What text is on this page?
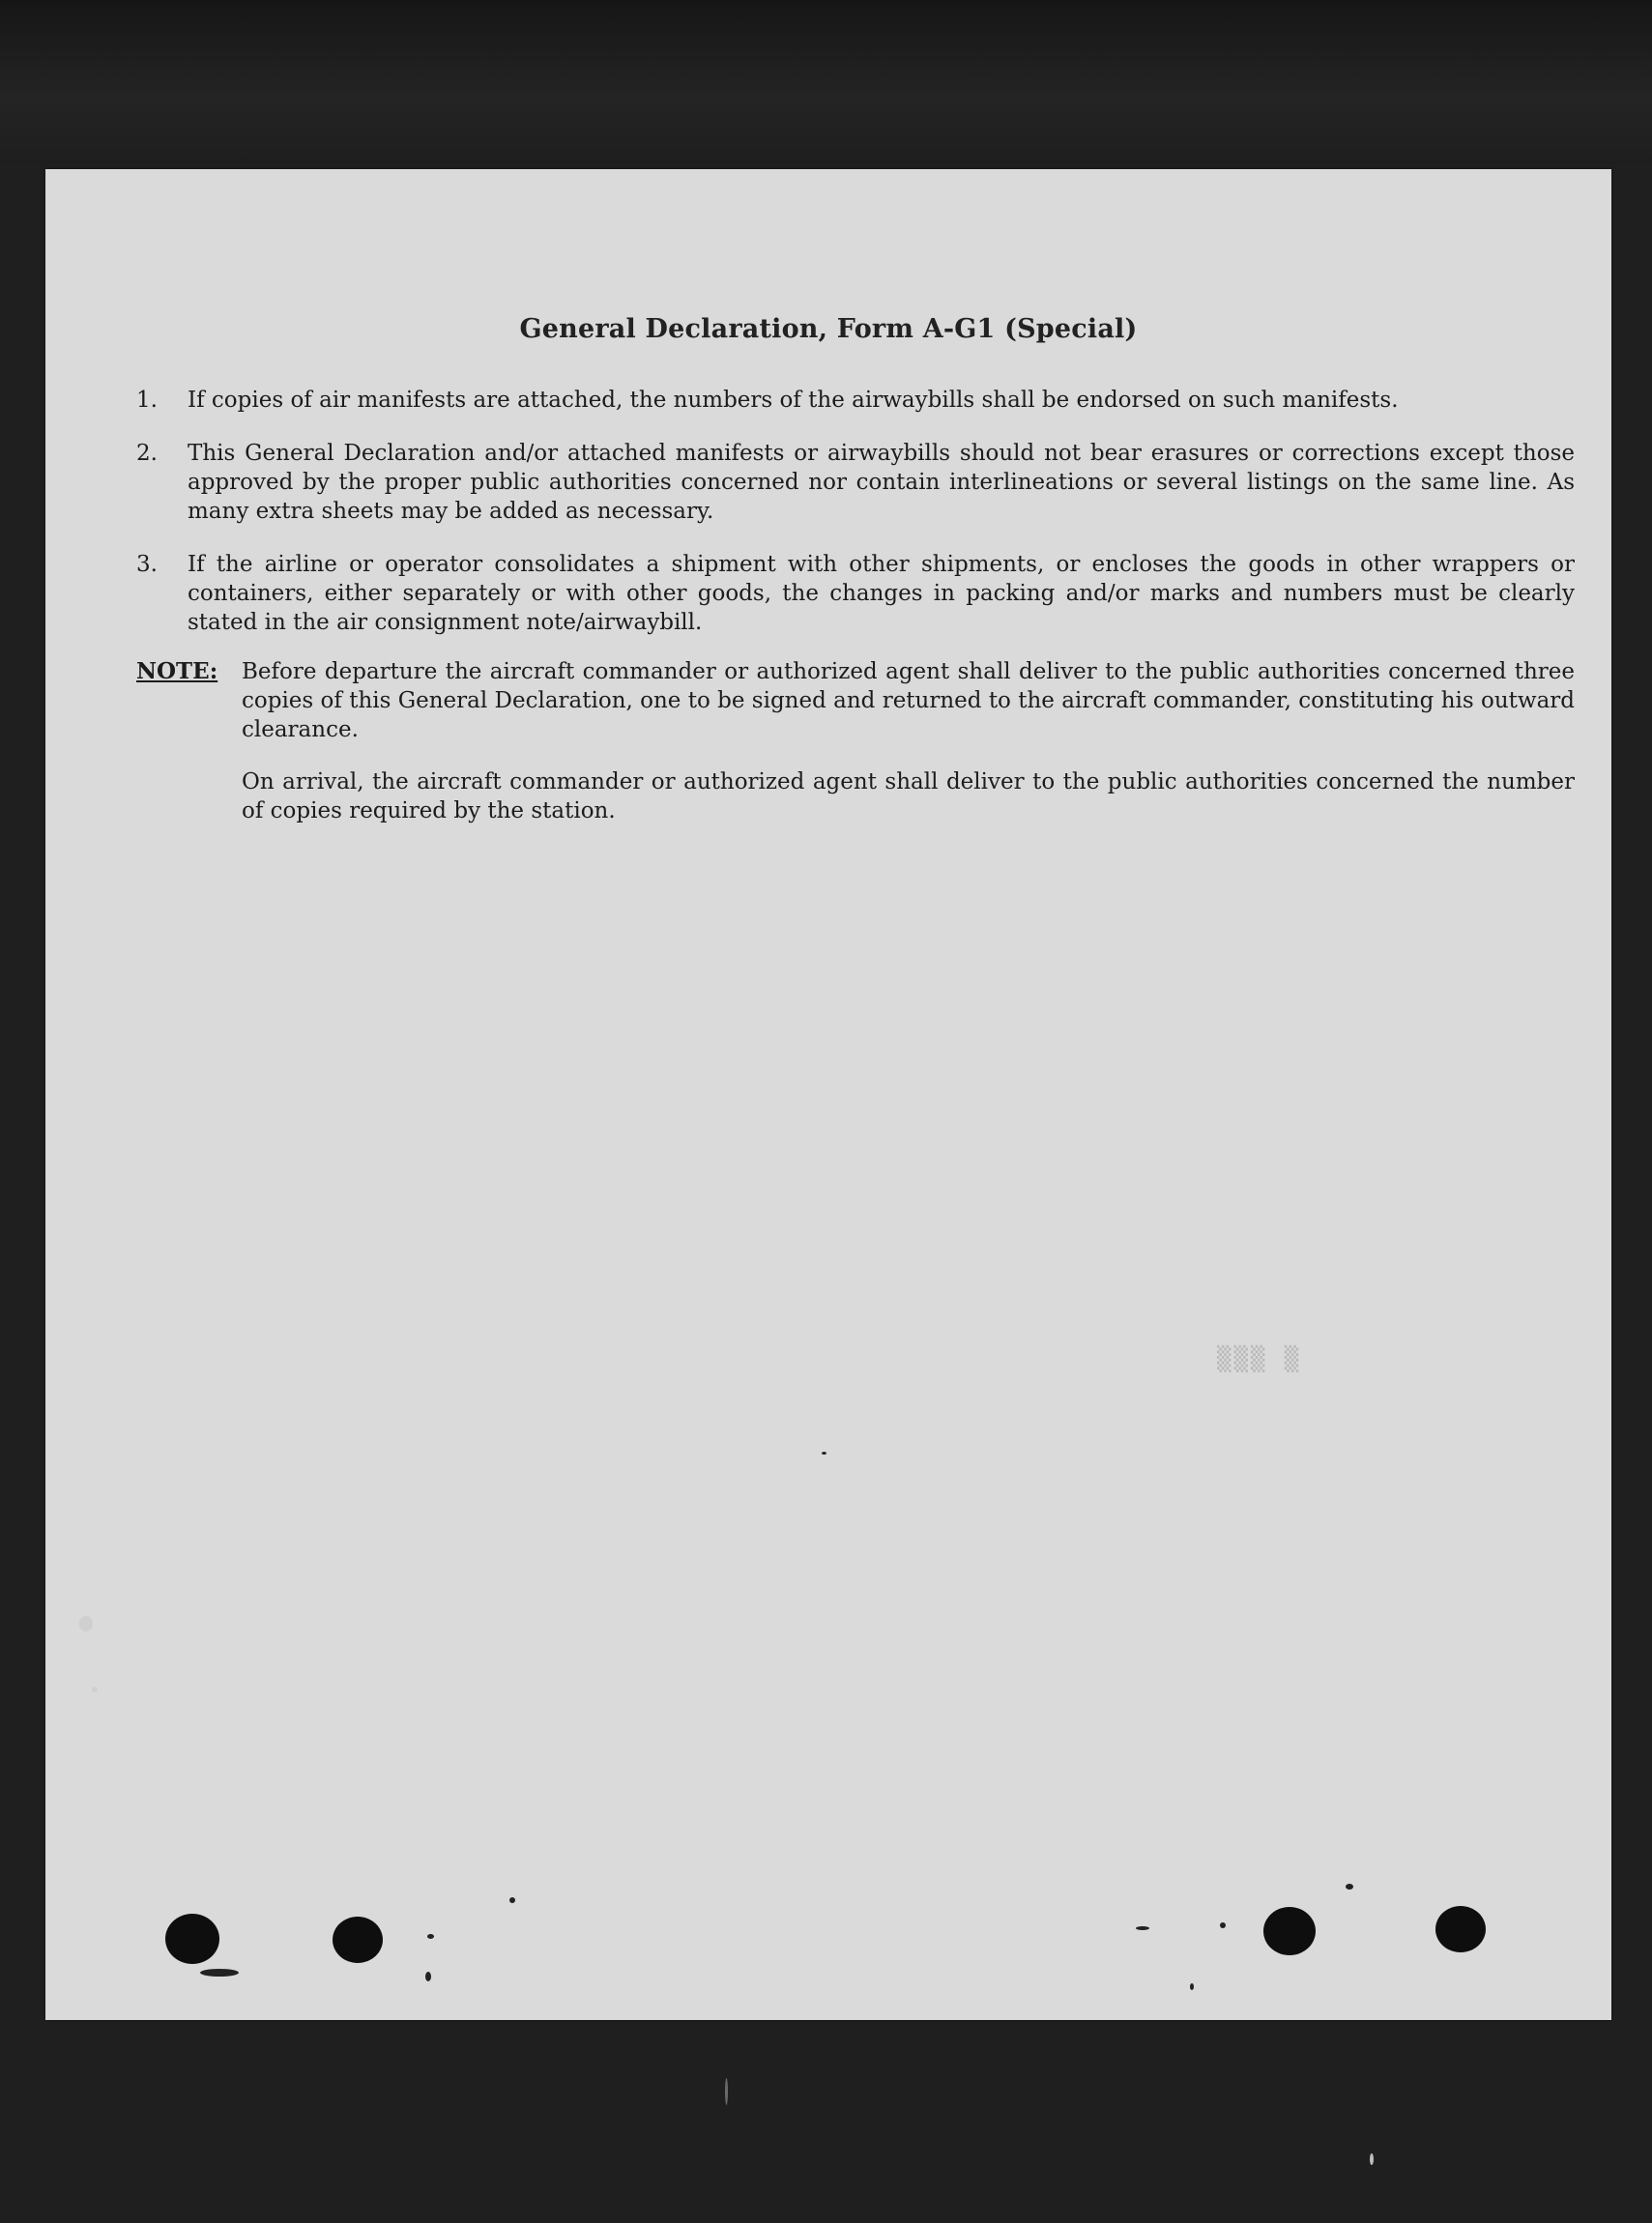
General Declaration, Form A-G1 (Special)
1. If copies of air manifests are attached, the numbers of the airwaybills shall be endorsed on such manifests.
2. This General Declaration and/or attached manifests or airwaybills should not bear erasures or corrections except those approved by the proper public authorities concerned nor contain interlineations or several listings on the same line. As many extra sheets may be added as necessary.
3. If the airline or operator consolidates a shipment with other shipments, or encloses the goods in other wrappers or containers, either separately or with other goods, the changes in packing and/or marks and numbers must be clearly stated in the air consignment note/airwaybill.
NOTE: Before departure the aircraft commander or authorized agent shall deliver to the public authorities concerned three copies of this General Declaration, one to be signed and returned to the aircraft commander, constituting his outward clearance.
On arrival, the aircraft commander or authorized agent shall deliver to the public authorities concerned the number of copies required by the station.
▒▒▒ ▒
